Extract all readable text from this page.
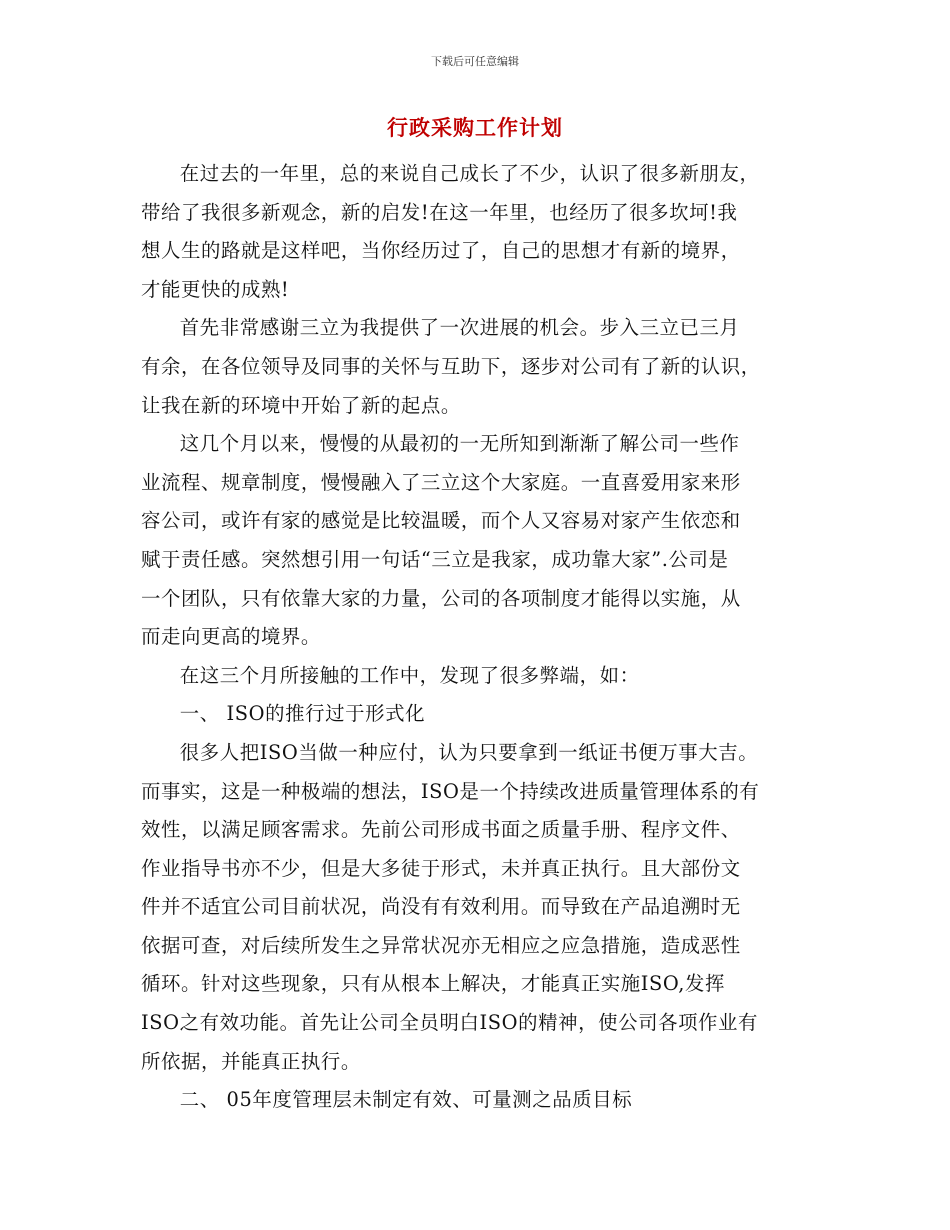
下载后可任意编辑
行政采购工作计划

在过去的一年里，总的来说自己成长了不少，认识了很多新朋友，
带给了我很多新观念，新的启发!在这一年里，也经历了很多坎坷!我
想人生的路就是这样吧，当你经历过了，自己的思想才有新的境界，
才能更快的成熟!

首先非常感谢三立为我提供了一次进展的机会。步入三立已三月
有余，在各位领导及同事的关怀与互助下，逐步对公司有了新的认识，
让我在新的环境中开始了新的起点。

这几个月以来，慢慢的从最初的一无所知到渐渐了解公司一些作
业流程、规章制度，慢慢融入了三立这个大家庭。一直喜爱用家来形
容公司，或许有家的感觉是比较温暖，而个人又容易对家产生依恋和
赋于责任感。突然想引用一句话“三立是我家，成功靠大家”.公司是
一个团队，只有依靠大家的力量，公司的各项制度才能得以实施，从
而走向更高的境界。

在这三个月所接触的工作中，发现了很多弊端，如：

一、 ISO的推行过于形式化

很多人把ISO当做一种应付，认为只要拿到一纸证书便万事大吉。
而事实，这是一种极端的想法，ISO是一个持续改进质量管理体系的有
效性，以满足顾客需求。先前公司形成书面之质量手册、程序文件、
作业指导书亦不少，但是大多徒于形式，未并真正执行。且大部份文
件并不适宜公司目前状况，尚没有有效利用。而导致在产品追溯时无
依据可查，对后续所发生之异常状况亦无相应之应急措施，造成恶性
循环。针对这些现象，只有从根本上解决，才能真正实施ISO,发挥
ISO之有效功能。首先让公司全员明白ISO的精神，使公司各项作业有
所依据，并能真正执行。

二、 05年度管理层未制定有效、可量测之品质目标
